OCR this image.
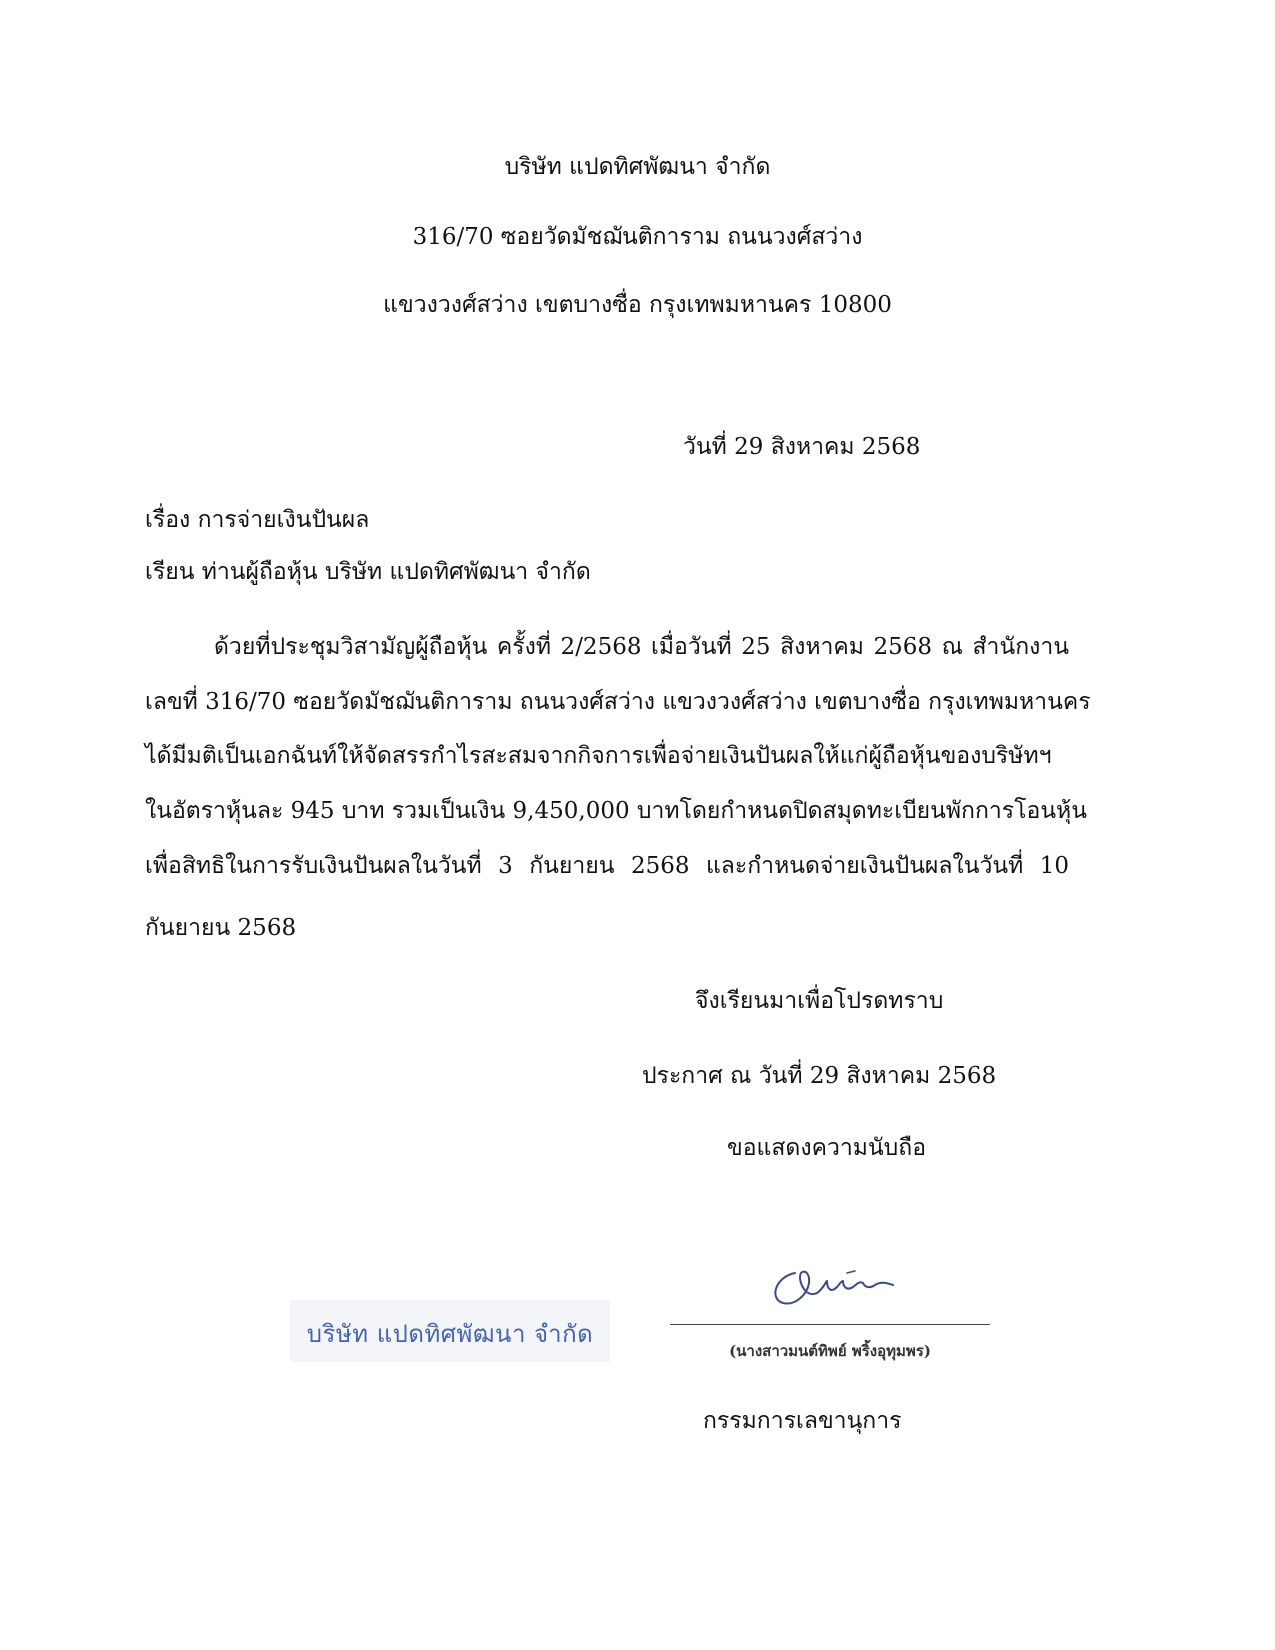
บริษัท แปดทิศพัฒนา จำกัด
316/70 ซอยวัดมัชฌันติการาม ถนนวงศ์สว่าง
แขวงวงศ์สว่าง เขตบางซื่อ กรุงเทพมหานคร 10800
วันที่ 29 สิงหาคม 2568
เรื่อง การจ่ายเงินปันผล
เรียน ท่านผู้ถือหุ้น บริษัท แปดทิศพัฒนา จำกัด
ด้วยที่ประชุมวิสามัญผู้ถือหุ้น ครั้งที่ 2/2568 เมื่อวันที่ 25 สิงหาคม 2568 ณ สำนักงาน
เลขที่ 316/70 ซอยวัดมัชฌันติการาม ถนนวงศ์สว่าง แขวงวงศ์สว่าง เขตบางซื่อ กรุงเทพมหานคร
ได้มีมติเป็นเอกฉันท์ให้จัดสรรกำไรสะสมจากกิจการเพื่อจ่ายเงินปันผลให้แก่ผู้ถือหุ้นของบริษัทฯ
ในอัตราหุ้นละ 945 บาท รวมเป็นเงิน 9,450,000 บาทโดยกำหนดปิดสมุดทะเบียนพักการโอนหุ้น
เพื่อสิทธิในการรับเงินปันผลในวันที่ 3 กันยายน 2568 และกำหนดจ่ายเงินปันผลในวันที่ 10
กันยายน 2568
จึงเรียนมาเพื่อโปรดทราบ
ประกาศ ณ วันที่ 29 สิงหาคม 2568
ขอแสดงความนับถือ
บริษัท แปดทิศพัฒนา จำกัด
(นางสาวมนต์ทิพย์ พริ้งอุทุมพร)
กรรมการเลขานุการ
